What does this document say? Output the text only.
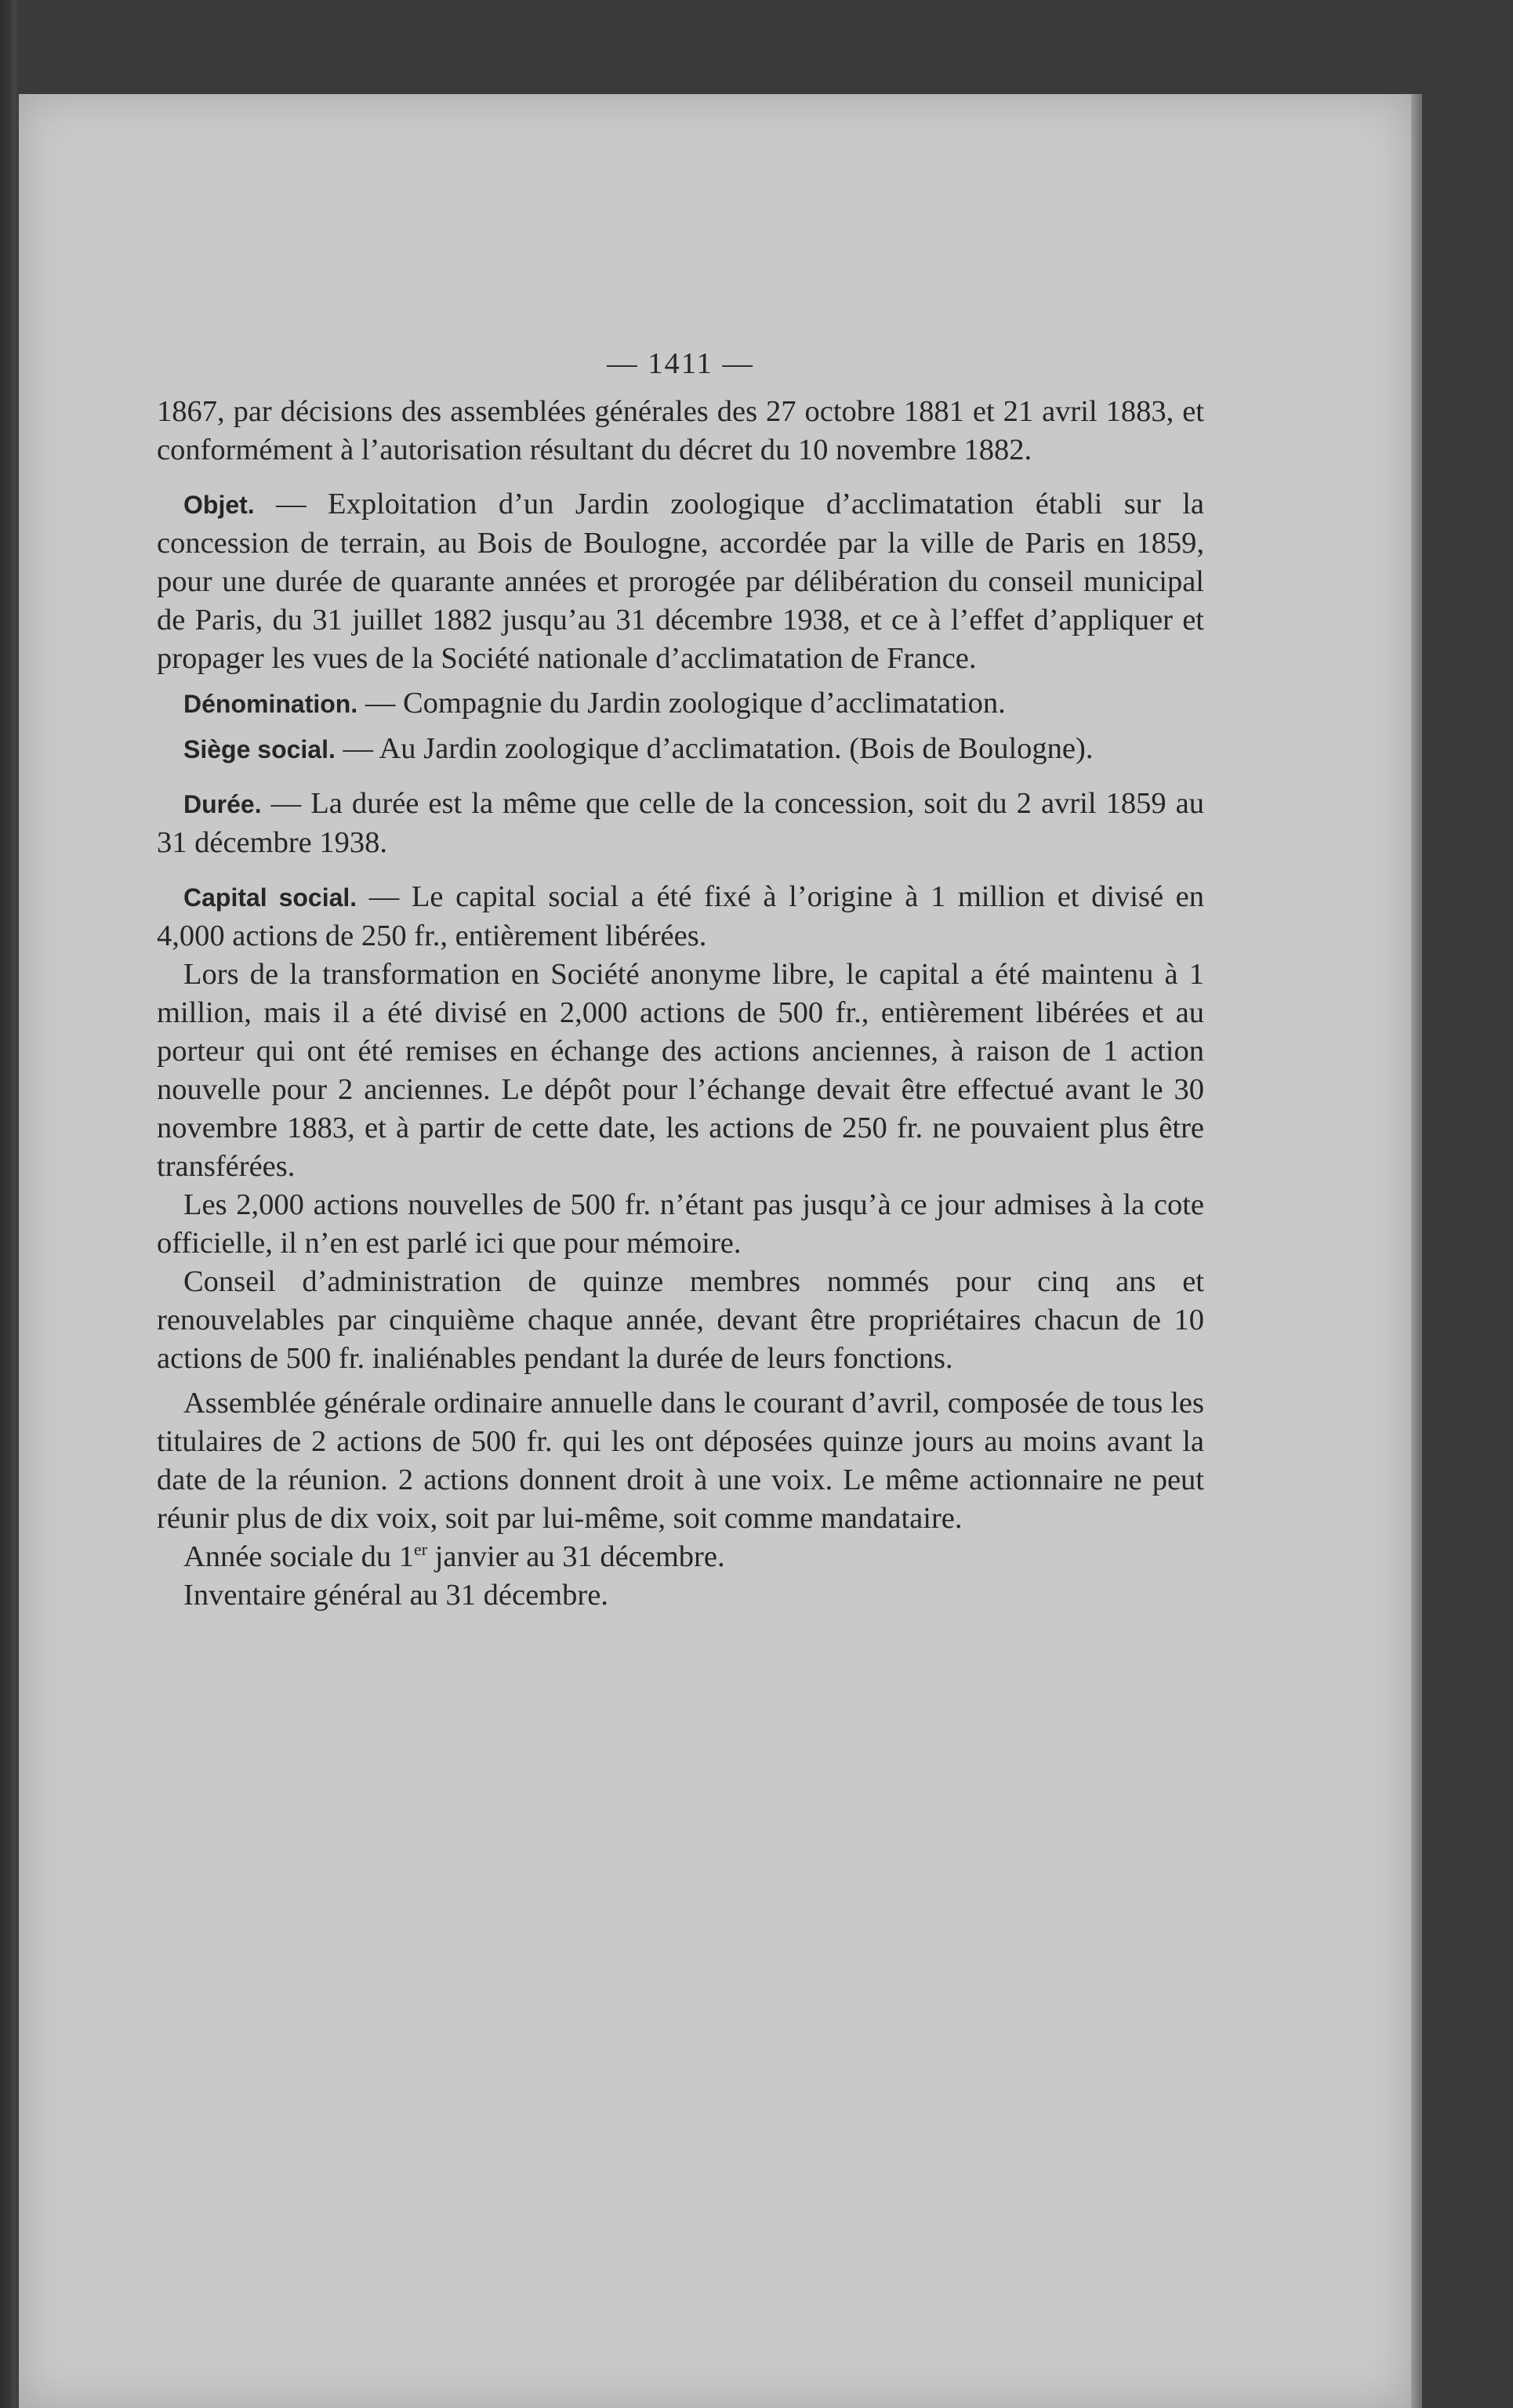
— 1411 —

1867, par décisions des assemblées générales des 27 octobre 1881 et 21 avril 1883, et conformément à l’autorisation résultant du décret du 10 novembre 1882.

Objet. — Exploitation d’un Jardin zoologique d’acclimatation établi sur la concession de terrain, au Bois de Boulogne, accordée par la ville de Paris en 1859, pour une durée de quarante années et prorogée par délibération du conseil municipal de Paris, du 31 juillet 1882 jusqu’au 31 décembre 1938, et ce à l’effet d’appliquer et propager les vues de la Société nationale d’acclimatation de France.

Dénomination. — Compagnie du Jardin zoologique d’acclimatation.

Siège social. — Au Jardin zoologique d’acclimatation. (Bois de Boulogne).

Durée. — La durée est la même que celle de la concession, soit du 2 avril 1859 au 31 décembre 1938.

Capital social. — Le capital social a été fixé à l’origine à 1 million et divisé en 4,000 actions de 250 fr., entièrement libérées.

Lors de la transformation en Société anonyme libre, le capital a été maintenu à 1 million, mais il a été divisé en 2,000 actions de 500 fr., entièrement libérées et au porteur qui ont été remises en échange des actions anciennes, à raison de 1 action nouvelle pour 2 anciennes. Le dépôt pour l’échange devait être effectué avant le 30 novembre 1883, et à partir de cette date, les actions de 250 fr. ne pouvaient plus être transférées.

Les 2,000 actions nouvelles de 500 fr. n’étant pas jusqu’à ce jour admises à la cote officielle, il n’en est parlé ici que pour mémoire.

Conseil d’administration de quinze membres nommés pour cinq ans et renouvelables par cinquième chaque année, devant être propriétaires chacun de 10 actions de 500 fr. inaliénables pendant la durée de leurs fonctions.

Assemblée générale ordinaire annuelle dans le courant d’avril, composée de tous les titulaires de 2 actions de 500 fr. qui les ont déposées quinze jours au moins avant la date de la réunion. 2 actions donnent droit à une voix. Le même actionnaire ne peut réunir plus de dix voix, soit par lui-même, soit comme mandataire.

Année sociale du 1er janvier au 31 décembre.

Inventaire général au 31 décembre.
